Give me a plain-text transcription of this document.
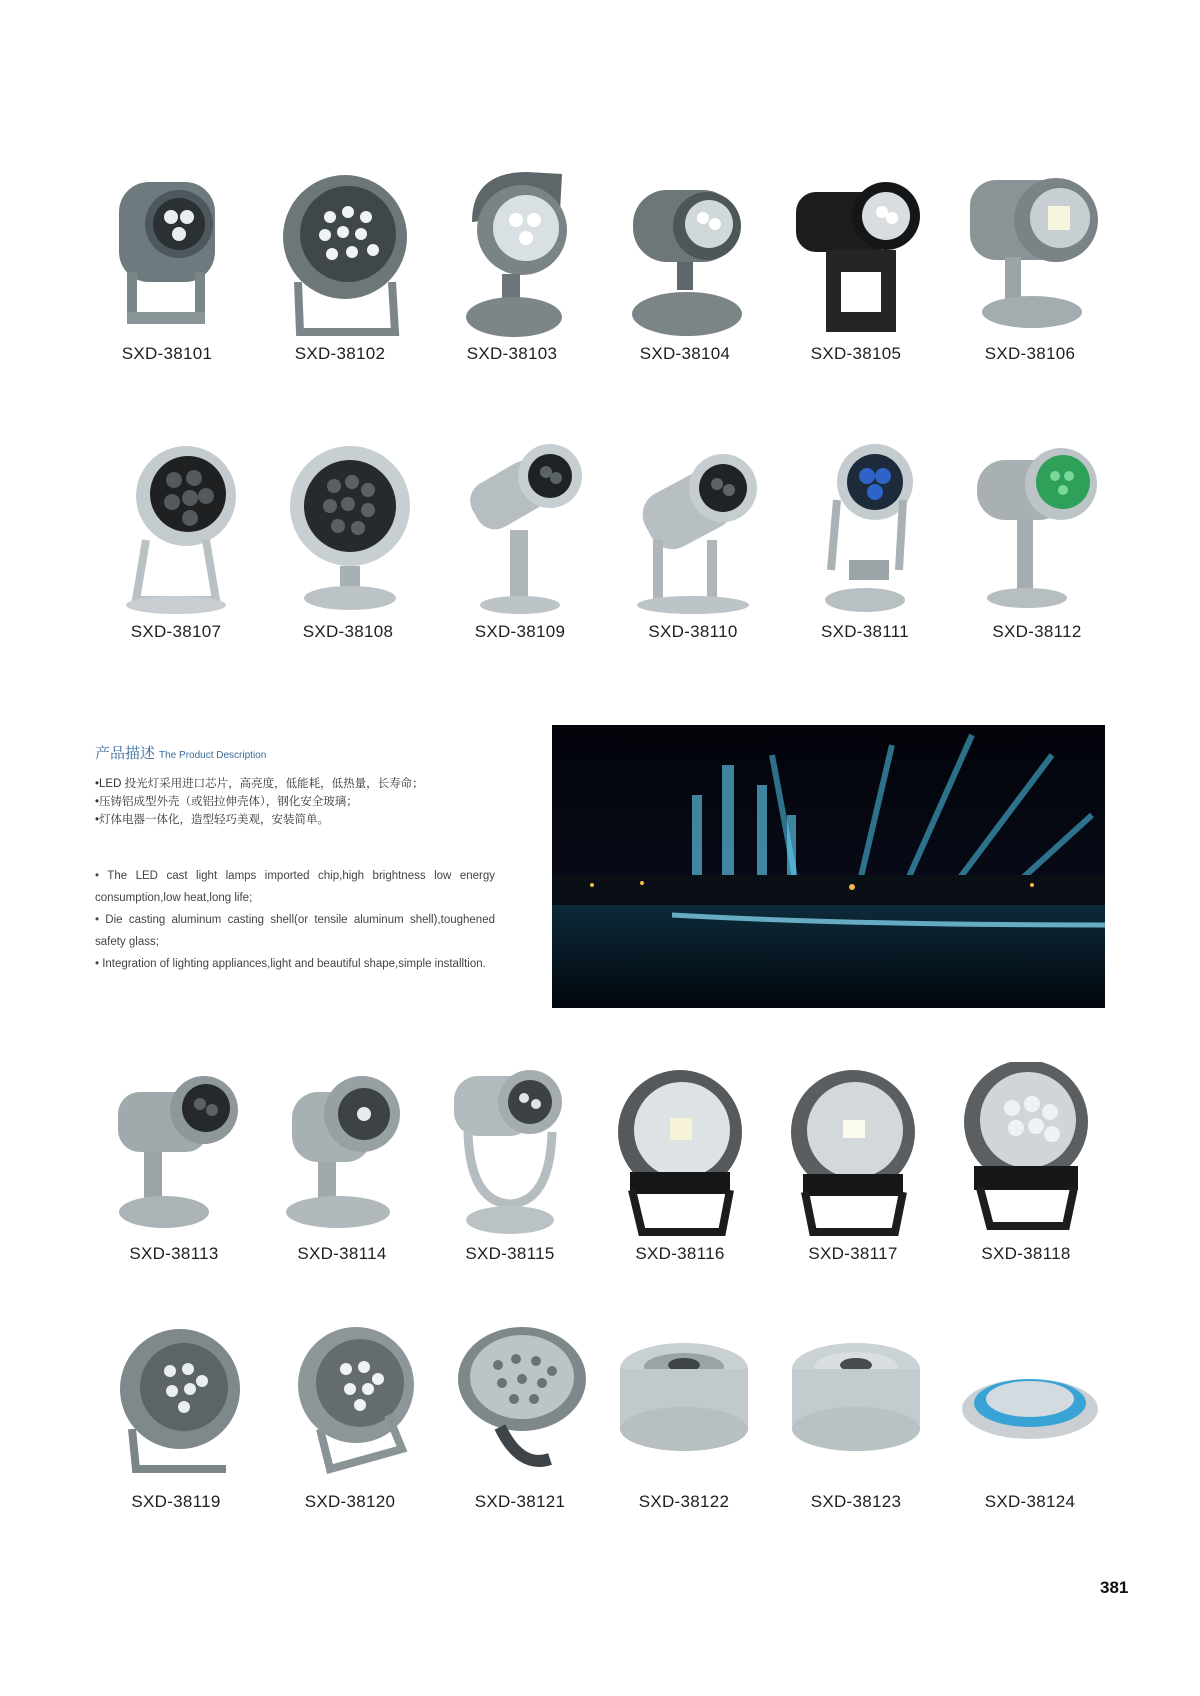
SXD-38101	SXD-38102	SXD-38103	SXD-38104	SXD-38105	SXD-38106
SXD-38107	SXD-38108	SXD-38109	SXD-38110	SXD-38111	SXD-38112
产品描述 The Product Description
•LED 投光灯采用进口芯片，高亮度，低能耗，低热量，长寿命；
•压铸铝成型外壳（或铝拉伸壳体），钢化安全玻璃；
•灯体电器一体化，造型轻巧美观，安装简单。
• The LED cast light lamps imported chip,high brightness low energy consumption,low heat,long life;
• Die casting aluminum casting shell(or tensile aluminum shell),toughened safety glass;
• Integration of lighting appliances,light and beautiful shape,simple installtion.
SXD-38113	SXD-38114	SXD-38115	SXD-38116	SXD-38117	SXD-38118
SXD-38119	SXD-38120	SXD-38121	SXD-38122	SXD-38123	SXD-38124
381
